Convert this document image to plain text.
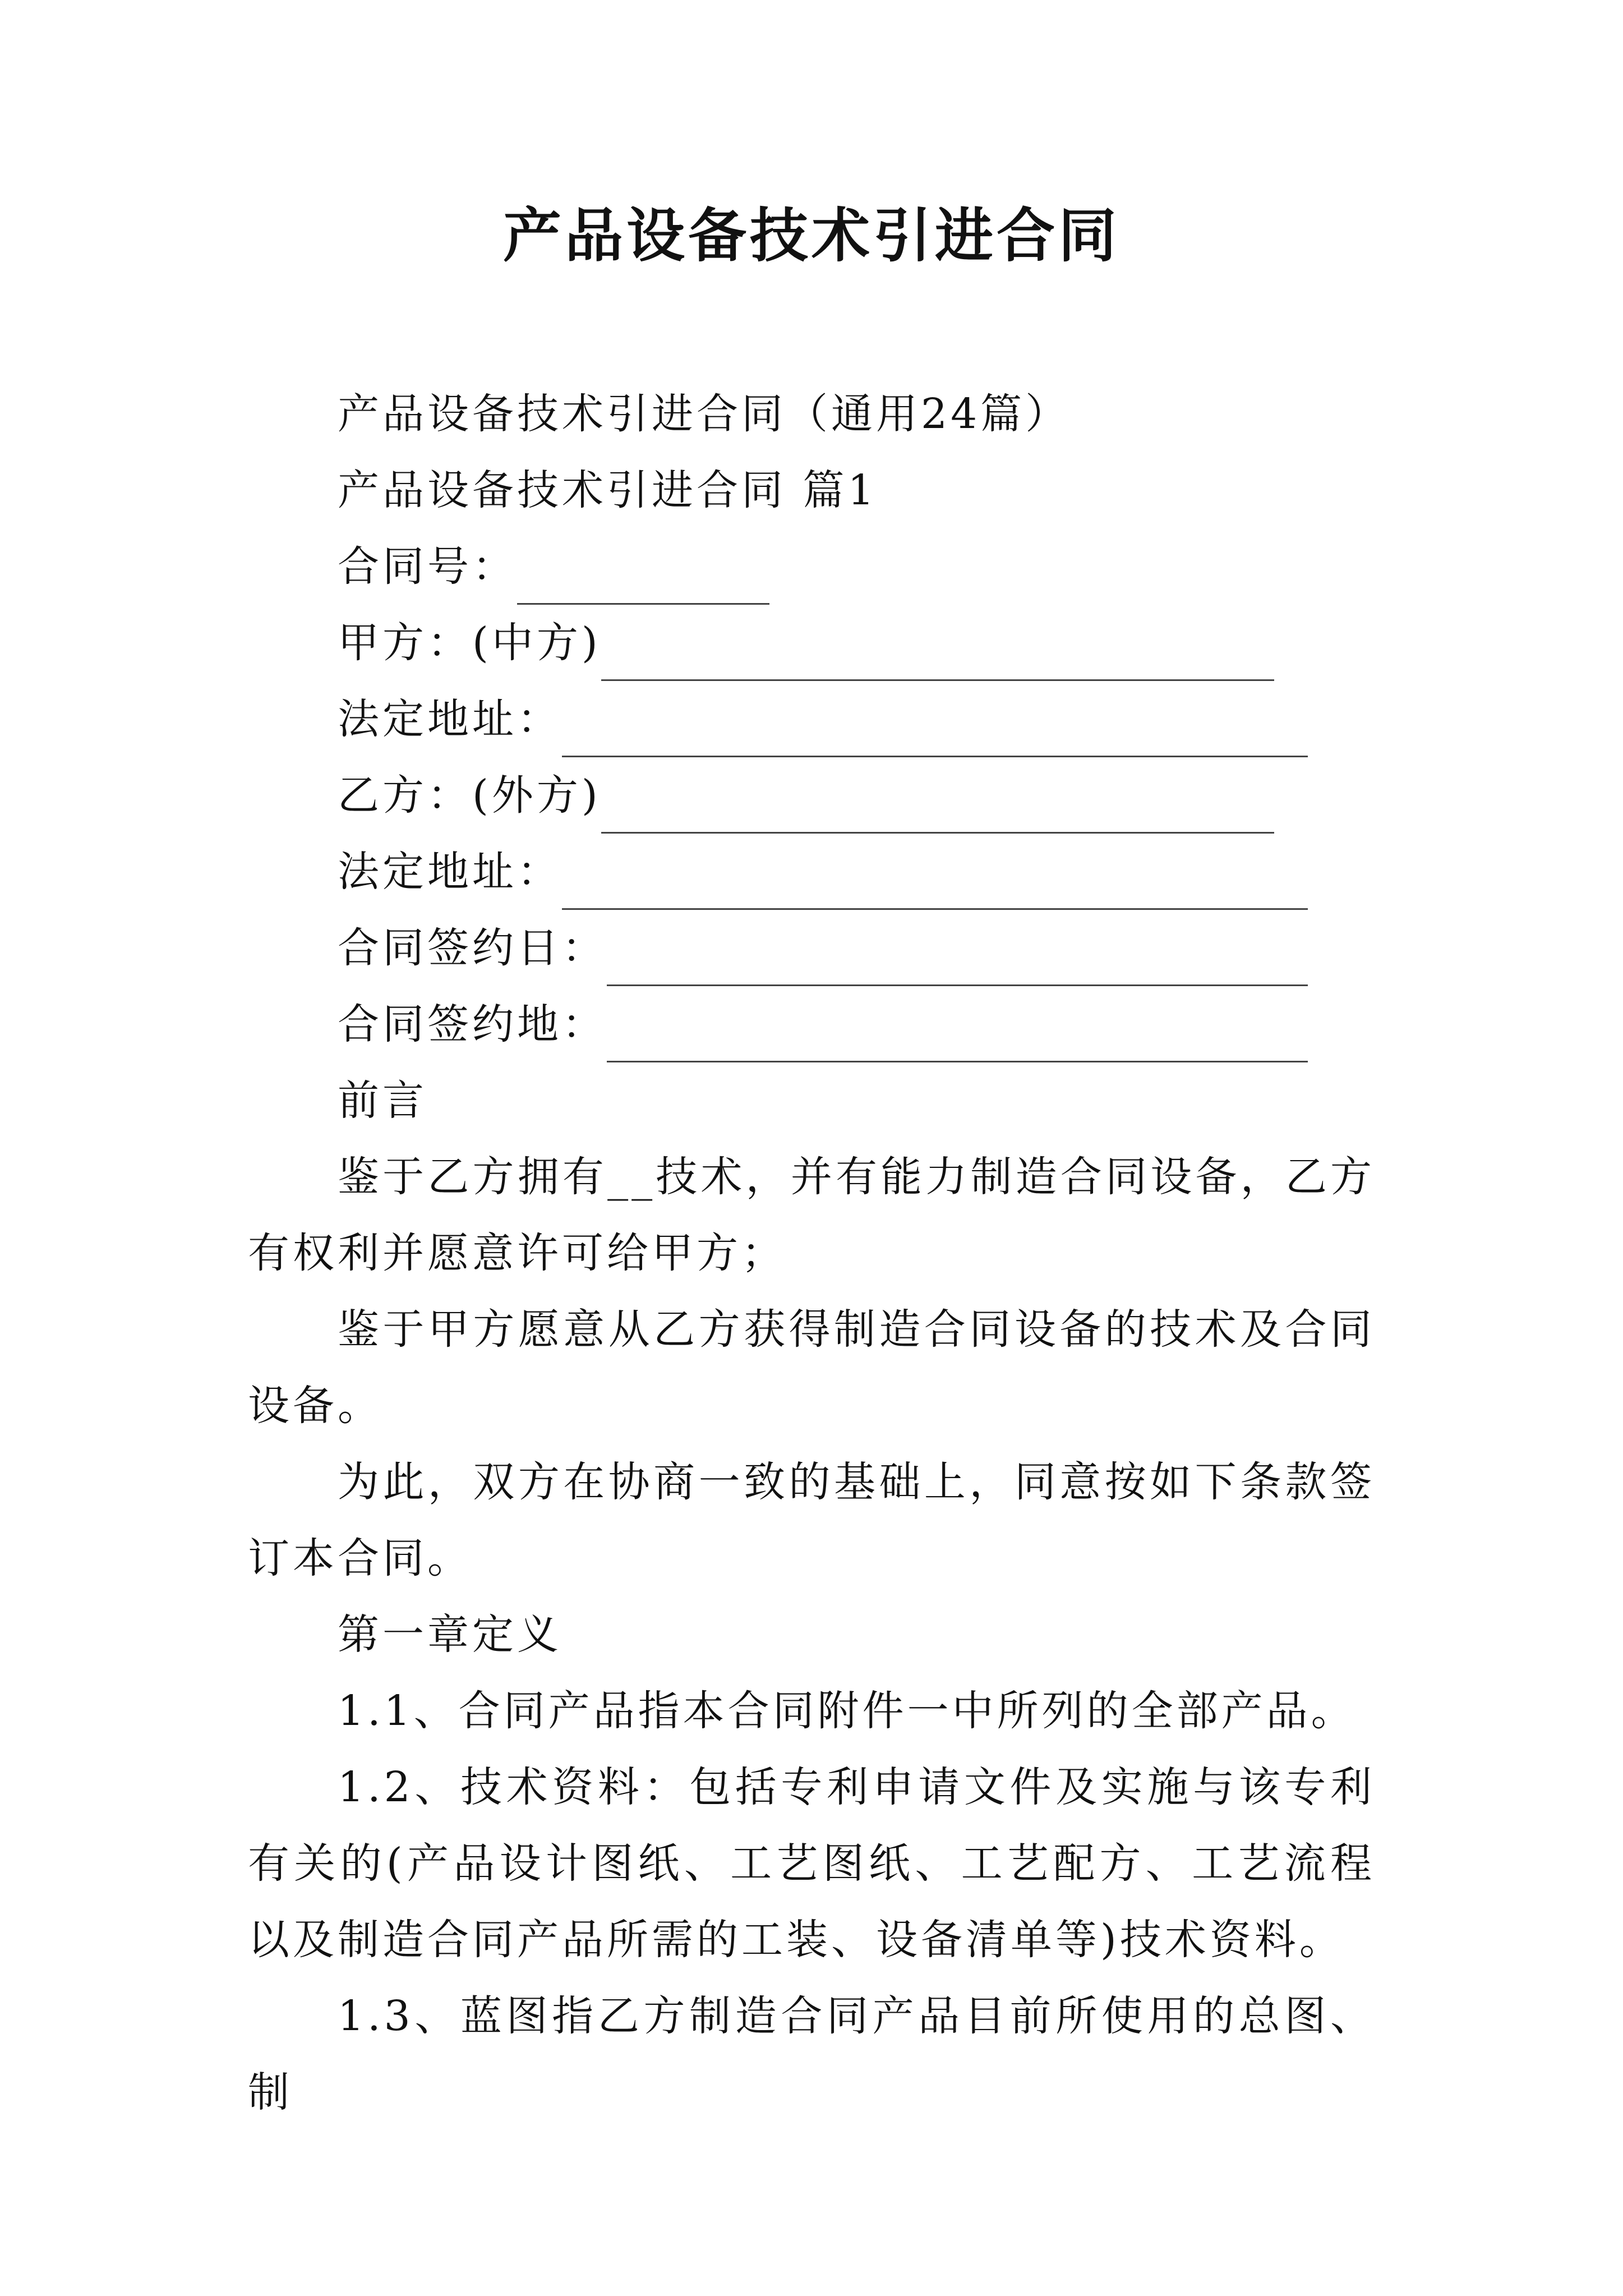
产品设备技术引进合同

产品设备技术引进合同（通用24篇）

产品设备技术引进合同 篇1

合同号：

甲方：(中方)

法定地址：

乙方：(外方)

法定地址：

合同签约日：

合同签约地：

前言

鉴于乙方拥有__技术，并有能力制造合同设备，乙方有权利并愿意许可给甲方；

鉴于甲方愿意从乙方获得制造合同设备的技术及合同设备。

为此，双方在协商一致的基础上，同意按如下条款签订本合同。

第一章定义

1.1、合同产品指本合同附件一中所列的全部产品。

1.2、技术资料：包括专利申请文件及实施与该专利有关的(产品设计图纸、工艺图纸、工艺配方、工艺流程以及制造合同产品所需的工装、设备清单等)技术资料。

1.3、蓝图指乙方制造合同产品目前所使用的总图、制
